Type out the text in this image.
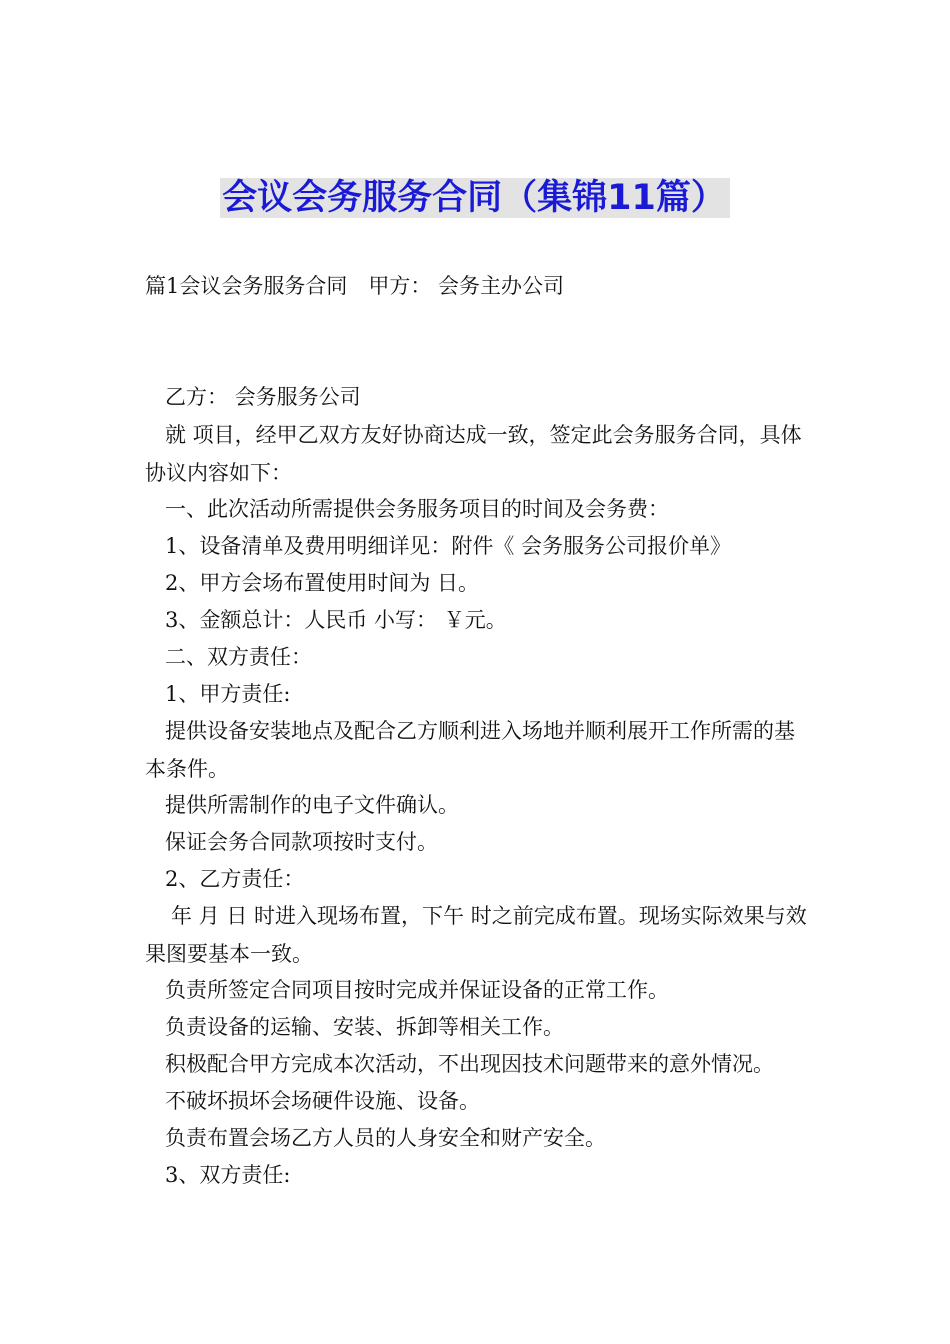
会议会务服务合同（集锦11篇）
篇1会议会务服务合同　甲方： 会务主办公司
乙方： 会务服务公司
就 项目，经甲乙双方友好协商达成一致，签定此会务服务合同，具体协议内容如下：
一、此次活动所需提供会务服务项目的时间及会务费：
1、设备清单及费用明细详见：附件《 会务服务公司报价单》
2、甲方会场布置使用时间为 日。
3、金额总计：人民币 小写： ￥元。
二、双方责任：
1、甲方责任:
提供设备安装地点及配合乙方顺利进入场地并顺利展开工作所需的基本条件。
提供所需制作的电子文件确认。
保证会务合同款项按时支付。
2、乙方责任：
年 月 日 时进入现场布置，下午 时之前完成布置。现场实际效果与效果图要基本一致。
负责所签定合同项目按时完成并保证设备的正常工作。
负责设备的运输、安装、拆卸等相关工作。
积极配合甲方完成本次活动，不出现因技术问题带来的意外情况。
不破坏损坏会场硬件设施、设备。
负责布置会场乙方人员的人身安全和财产安全。
3、双方责任:
